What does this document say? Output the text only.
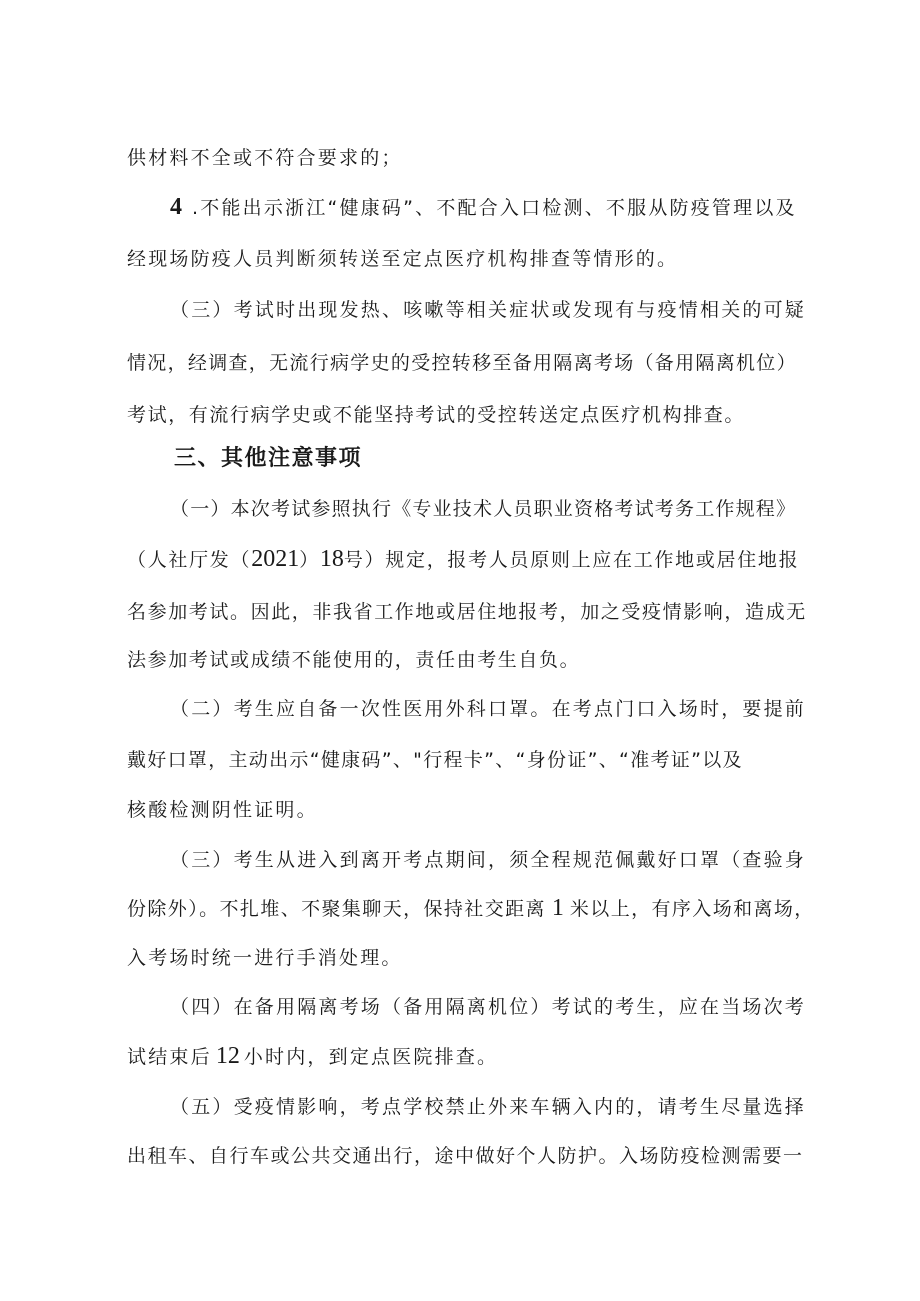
供材料不全或不符合要求的；
4 .不能出示浙江“健康码”、不配合入口检测、不服从防疫管理以及
经现场防疫人员判断须转送至定点医疗机构排查等情形的。
（三）考试时出现发热、咳嗽等相关症状或发现有与疫情相关的可疑
情况，经调查，无流行病学史的受控转移至备用隔离考场（备用隔离机位）
考试，有流行病学史或不能坚持考试的受控转送定点医疗机构排查。
三、其他注意事项
（一）本次考试参照执行《专业技术人员职业资格考试考务工作规程》
（人社厅发（2021）18号）规定，报考人员原则上应在工作地或居住地报
名参加考试。因此，非我省工作地或居住地报考，加之受疫情影响，造成无
法参加考试或成绩不能使用的，责任由考生自负。
（二）考生应自备一次性医用外科口罩。在考点门口入场时，要提前
戴好口罩，主动出示“健康码”、"行程卡”、“身份证”、“准考证”以及
核酸检测阴性证明。
（三）考生从进入到离开考点期间，须全程规范佩戴好口罩（查验身
份除外）。不扎堆、不聚集聊天，保持社交距离 1 米以上，有序入场和离场，
入考场时统一进行手消处理。
（四）在备用隔离考场（备用隔离机位）考试的考生，应在当场次考
试结束后 12 小时内，到定点医院排查。
（五）受疫情影响，考点学校禁止外来车辆入内的，请考生尽量选择
出租车、自行车或公共交通出行，途中做好个人防护。入场防疫检测需要一
